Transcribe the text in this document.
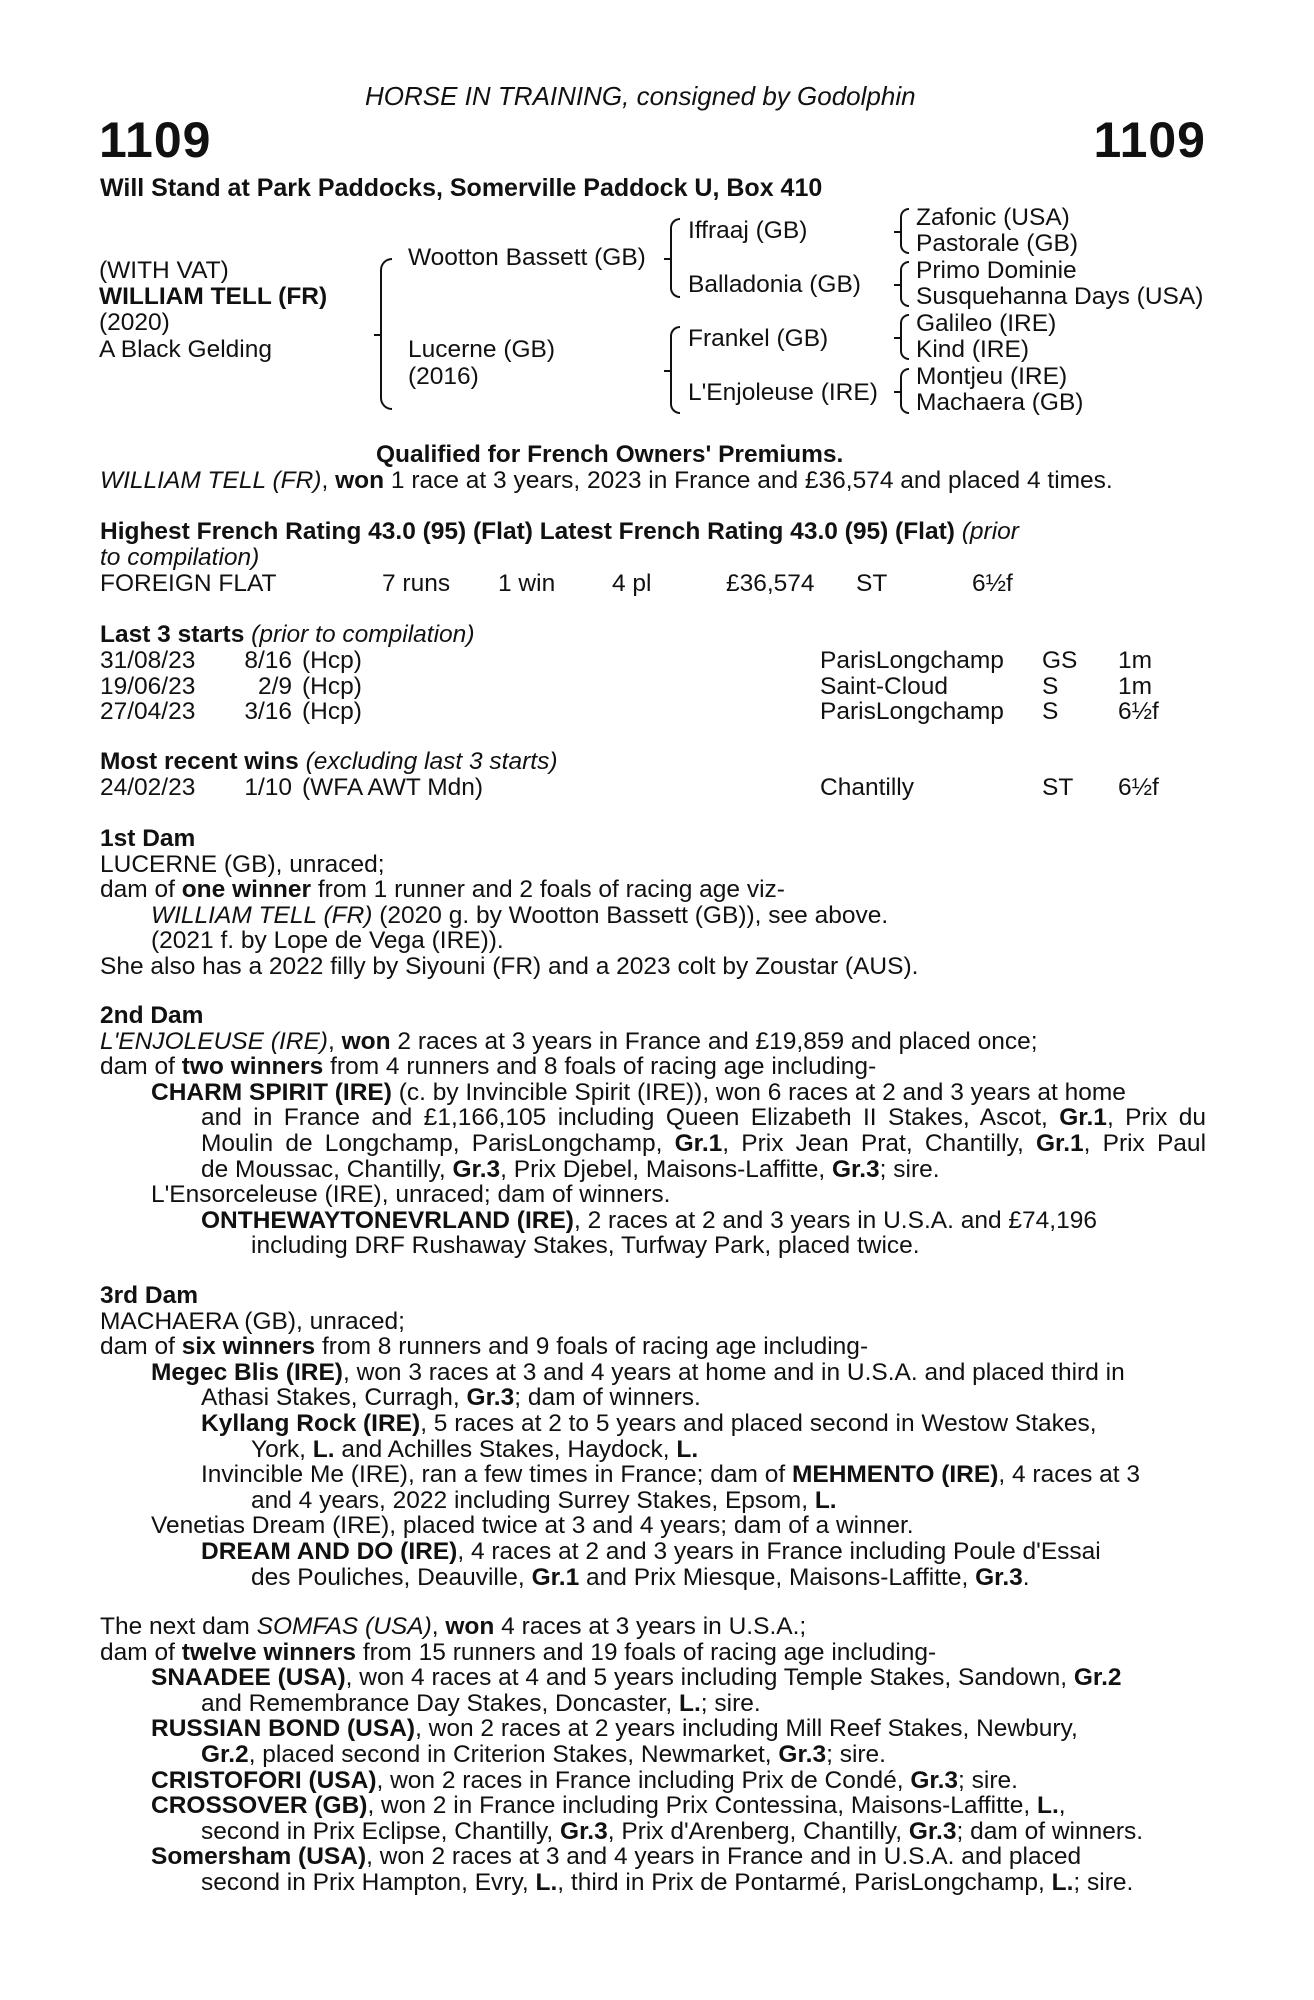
HORSE IN TRAINING, consigned by Godolphin
1109	1109
Will Stand at Park Paddocks, Somerville Paddock U, Box 410
(WITH VAT)
WILLIAM TELL (FR)
(2020)
A Black Gelding
Wootton Bassett (GB)
Lucerne (GB)
(2016)
Iffraaj (GB)
Balladonia (GB)
Frankel (GB)
L'Enjoleuse (IRE)
Zafonic (USA)
Pastorale (GB)
Primo Dominie
Susquehanna Days (USA)
Galileo (IRE)
Kind (IRE)
Montjeu (IRE)
Machaera (GB)
Qualified for French Owners' Premiums.
WILLIAM TELL (FR), won 1 race at 3 years, 2023 in France and £36,574 and placed 4 times.
Highest French Rating 43.0 (95) (Flat) Latest French Rating 43.0 (95) (Flat) (prior
to compilation)
FOREIGN FLAT	7 runs 1 win 4 pl	£36,574 ST	6½f
Last 3 starts (prior to compilation)
31/08/23	8/16 (Hcp)	ParisLongchamp GS 1m
19/06/23	2/9 (Hcp)	Saint-Cloud	S 1m
27/04/23	3/16 (Hcp)	ParisLongchamp S 6½f
Most recent wins (excluding last 3 starts)
24/02/23	1/10 (WFA AWT Mdn)	Chantilly	ST 6½f
1st Dam
LUCERNE (GB), unraced;
dam of one winner from 1 runner and 2 foals of racing age viz-
WILLIAM TELL (FR) (2020 g. by Wootton Bassett (GB)), see above.
(2021 f. by Lope de Vega (IRE)).
She also has a 2022 filly by Siyouni (FR) and a 2023 colt by Zoustar (AUS).
2nd Dam
L'ENJOLEUSE (IRE), won 2 races at 3 years in France and £19,859 and placed once;
dam of two winners from 4 runners and 8 foals of racing age including-
CHARM SPIRIT (IRE) (c. by Invincible Spirit (IRE)), won 6 races at 2 and 3 years at home
and in France and £1,166,105 including Queen Elizabeth II Stakes, Ascot, Gr.1, Prix du
Moulin de Longchamp, ParisLongchamp, Gr.1, Prix Jean Prat, Chantilly, Gr.1, Prix Paul
de Moussac, Chantilly, Gr.3, Prix Djebel, Maisons-Laffitte, Gr.3; sire.
L'Ensorceleuse (IRE), unraced; dam of winners.
ONTHEWAYTONEVRLAND (IRE), 2 races at 2 and 3 years in U.S.A. and £74,196
including DRF Rushaway Stakes, Turfway Park, placed twice.
3rd Dam
MACHAERA (GB), unraced;
dam of six winners from 8 runners and 9 foals of racing age including-
Megec Blis (IRE), won 3 races at 3 and 4 years at home and in U.S.A. and placed third in
Athasi Stakes, Curragh, Gr.3; dam of winners.
Kyllang Rock (IRE), 5 races at 2 to 5 years and placed second in Westow Stakes,
York, L. and Achilles Stakes, Haydock, L.
Invincible Me (IRE), ran a few times in France; dam of MEHMENTO (IRE), 4 races at 3
and 4 years, 2022 including Surrey Stakes, Epsom, L.
Venetias Dream (IRE), placed twice at 3 and 4 years; dam of a winner.
DREAM AND DO (IRE), 4 races at 2 and 3 years in France including Poule d'Essai
des Pouliches, Deauville, Gr.1 and Prix Miesque, Maisons-Laffitte, Gr.3.
The next dam SOMFAS (USA), won 4 races at 3 years in U.S.A.;
dam of twelve winners from 15 runners and 19 foals of racing age including-
SNAADEE (USA), won 4 races at 4 and 5 years including Temple Stakes, Sandown, Gr.2
and Remembrance Day Stakes, Doncaster, L.; sire.
RUSSIAN BOND (USA), won 2 races at 2 years including Mill Reef Stakes, Newbury,
Gr.2, placed second in Criterion Stakes, Newmarket, Gr.3; sire.
CRISTOFORI (USA), won 2 races in France including Prix de Condé, Gr.3; sire.
CROSSOVER (GB), won 2 in France including Prix Contessina, Maisons-Laffitte, L.,
second in Prix Eclipse, Chantilly, Gr.3, Prix d'Arenberg, Chantilly, Gr.3; dam of winners.
Somersham (USA), won 2 races at 3 and 4 years in France and in U.S.A. and placed
second in Prix Hampton, Evry, L., third in Prix de Pontarmé, ParisLongchamp, L.; sire.
